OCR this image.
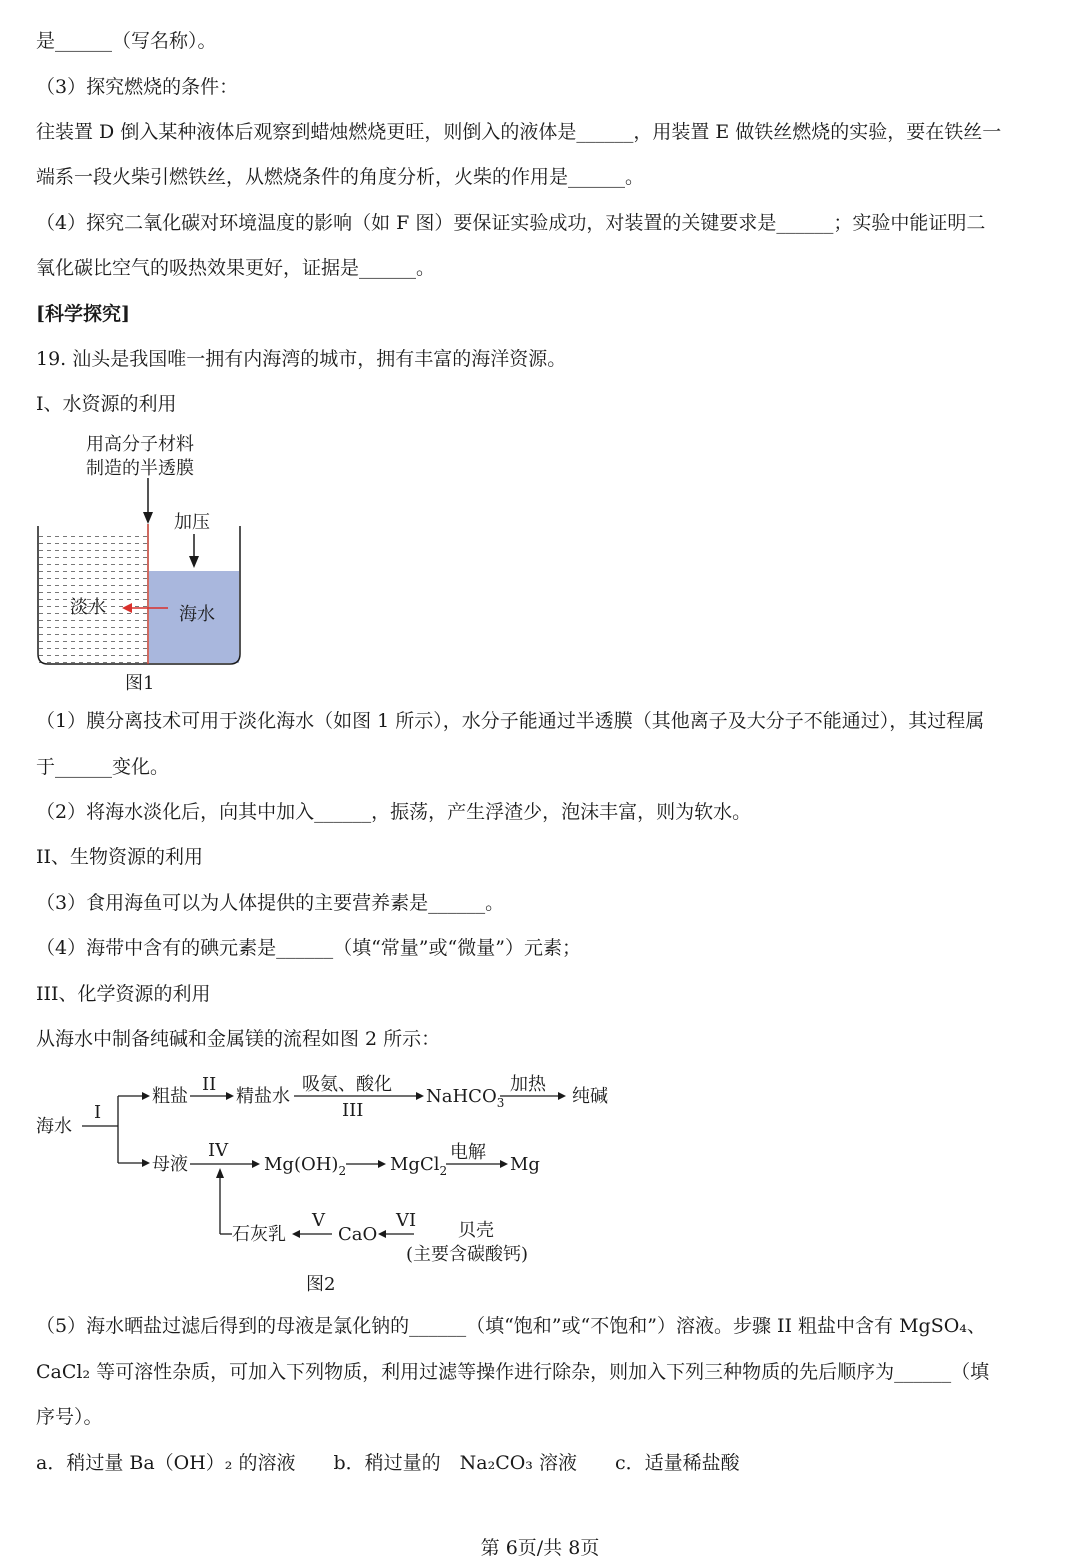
是______（写名称）。
（3）探究燃烧的条件：
往装置 D 倒入某种液体后观察到蜡烛燃烧更旺，则倒入的液体是______，用装置 E 做铁丝燃烧的实验，要在铁丝一
端系一段火柴引燃铁丝，从燃烧条件的角度分析，火柴的作用是______。
（4）探究二氧化碳对环境温度的影响（如 F 图）要保证实验成功，对装置的关键要求是______；实验中能证明二
氧化碳比空气的吸热效果更好，证据是______。
[科学探究]
19. 汕头是我国唯一拥有内海湾的城市，拥有丰富的海洋资源。
I、水资源的利用
用高分子材料
制造的半透膜
加压
淡水	海水
图1
（1）膜分离技术可用于淡化海水（如图 1 所示），水分子能通过半透膜（其他离子及大分子不能通过），其过程属
于______变化。
（2）将海水淡化后，向其中加入______，振荡，产生浮渣少，泡沫丰富，则为软水。
II、生物资源的利用
（3）食用海鱼可以为人体提供的主要营养素是______。
（4）海带中含有的碘元素是______（填“常量”或“微量”）元素；
III、化学资源的利用
从海水中制备纯碱和金属镁的流程如图 2 所示：
海水
I
粗盐
II
精盐水
吸氨、酸化
III
NaHCO$_3$
加热
纯碱
母液
IV
$Mg(OH)_2$ MgCl$_2$
电解
Mg
石灰乳
V
CaO
VI 贝壳
(主要含碳酸钙)
图2
（5）海水晒盐过滤后得到的母液是氯化钠的______（填“饱和”或“不饱和”）溶液。步骤 II 粗盐中含有 MgSO₄、
CaCl₂ 等可溶性杂质，可加入下列物质，利用过滤等操作进行除杂，则加入下列三种物质的先后顺序为______（填
序号）。
a．稍过量 Ba（OH）₂ 的溶液　　b．稍过量的　Na₂CO₃ 溶液　　c．适量稀盐酸
第 6页/共 8页
